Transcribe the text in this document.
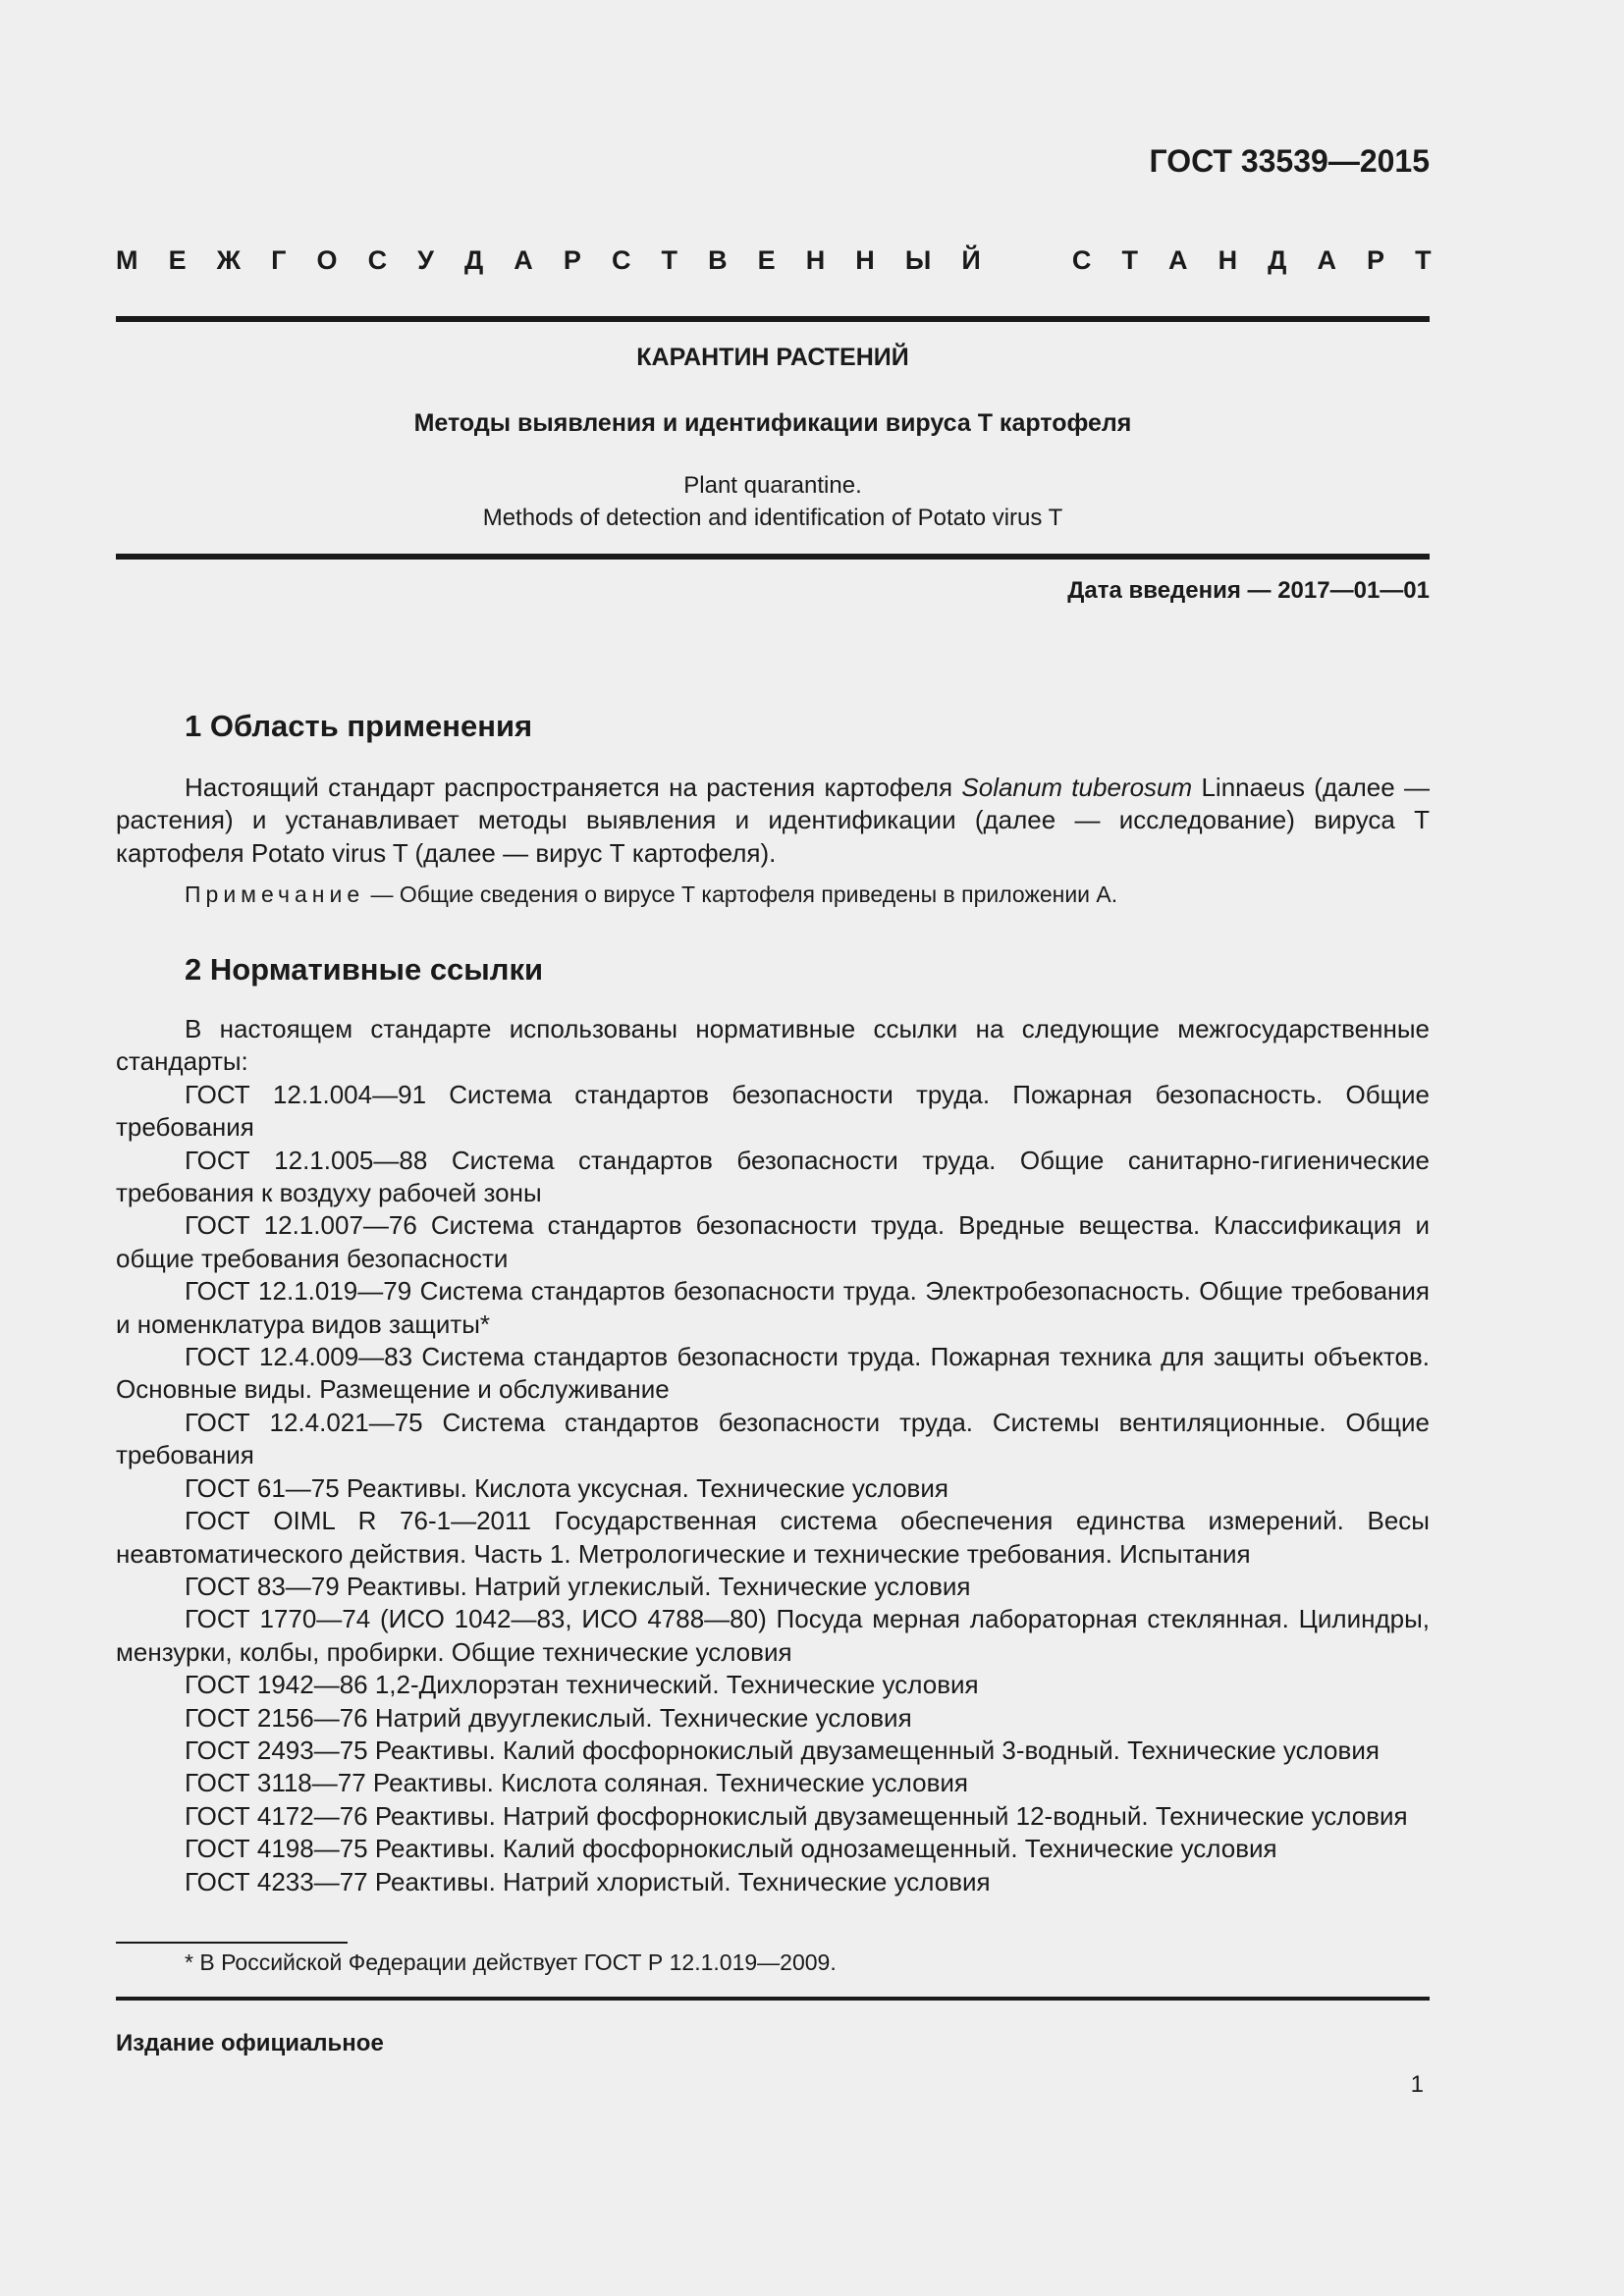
ГОСТ 33539—2015
М Е Ж Г О С У Д А Р С Т В Е Н Н Ы Й	С Т А Н Д А Р Т
КАРАНТИН РАСТЕНИЙ
Методы выявления и идентификации вируса Т картофеля
Plant quarantine.
Methods of detection and identification of Potato virus T
Дата введения — 2017—01—01
1 Область применения

Настоящий стандарт распространяется на растения картофеля Solanum tuberosum Linnaeus (далее — растения) и устанавливает методы выявления и идентификации (далее — исследование) вируса Т картофеля Potato virus T (далее — вирус Т картофеля).

Примечание — Общие сведения о вирусе Т картофеля приведены в приложении А.
2 Нормативные ссылки

В настоящем стандарте использованы нормативные ссылки на следующие межгосударственные стандарты:

ГОСТ 12.1.004—91 Система стандартов безопасности труда. Пожарная безопасность. Общие требования

ГОСТ 12.1.005—88 Система стандартов безопасности труда. Общие санитарно-гигиенические требования к воздуху рабочей зоны

ГОСТ 12.1.007—76 Система стандартов безопасности труда. Вредные вещества. Классификация и общие требования безопасности

ГОСТ 12.1.019—79 Система стандартов безопасности труда. Электробезопасность. Общие требования и номенклатура видов защиты*

ГОСТ 12.4.009—83 Система стандартов безопасности труда. Пожарная техника для защиты объектов. Основные виды. Размещение и обслуживание

ГОСТ 12.4.021—75 Система стандартов безопасности труда. Системы вентиляционные. Общие требования

ГОСТ 61—75 Реактивы. Кислота уксусная. Технические условия

ГОСТ OIML R 76-1—2011 Государственная система обеспечения единства измерений. Весы неавтоматического действия. Часть 1. Метрологические и технические требования. Испытания

ГОСТ 83—79 Реактивы. Натрий углекислый. Технические условия

ГОСТ 1770—74 (ИСО 1042—83, ИСО 4788—80) Посуда мерная лабораторная стеклянная. Цилиндры, мензурки, колбы, пробирки. Общие технические условия

ГОСТ 1942—86 1,2-Дихлорэтан технический. Технические условия

ГОСТ 2156—76 Натрий двууглекислый. Технические условия

ГОСТ 2493—75 Реактивы. Калий фосфорнокислый двузамещенный 3-водный. Технические условия

ГОСТ 3118—77 Реактивы. Кислота соляная. Технические условия

ГОСТ 4172—76 Реактивы. Натрий фосфорнокислый двузамещенный 12-водный. Технические условия

ГОСТ 4198—75 Реактивы. Калий фосфорнокислый однозамещенный. Технические условия

ГОСТ 4233—77 Реактивы. Натрий хлористый. Технические условия

* В Российской Федерации действует ГОСТ Р 12.1.019—2009.
Издание официальное
1
